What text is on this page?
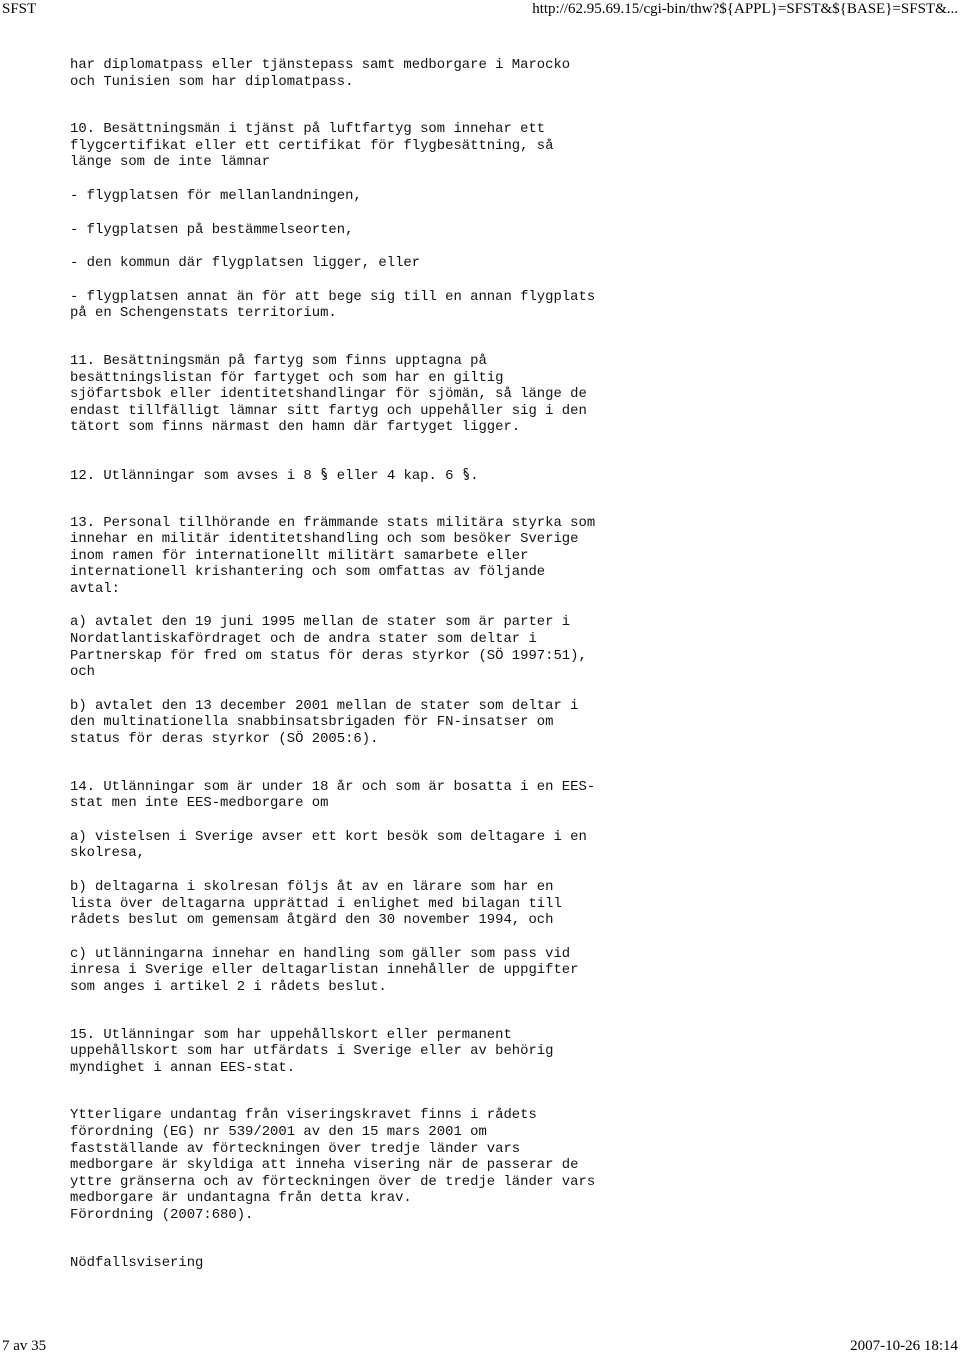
SFST	http://62.95.69.15/cgi-bin/thw?${APPL}=SFST&${BASE}=SFST&...
har diplomatpass eller tjänstepass samt medborgare i Marocko
och Tunisien som har diplomatpass.
10. Besättningsmän i tjänst på luftfartyg som innehar ett
flygcertifikat eller ett certifikat för flygbesättning, så
länge som de inte lämnar
- flygplatsen för mellanlandningen,
- flygplatsen på bestämmelseorten,
- den kommun där flygplatsen ligger, eller
- flygplatsen annat än för att bege sig till en annan flygplats
på en Schengenstats territorium.
11. Besättningsmän på fartyg som finns upptagna på
besättningslistan för fartyget och som har en giltig
sjöfartsbok eller identitetshandlingar för sjömän, så länge de
endast tillfälligt lämnar sitt fartyg och uppehåller sig i den
tätort som finns närmast den hamn där fartyget ligger.
12. Utlänningar som avses i 8  eller 4 kap. 6 .
13. Personal tillhörande en främmande stats militära styrka som
innehar en militär identitetshandling och som besöker Sverige
inom ramen för internationellt militärt samarbete eller
internationell krishantering och som omfattas av följande
avtal:
a) avtalet den 19 juni 1995 mellan de stater som är parter i
Nordatlantiskafördraget och de andra stater som deltar i
Partnerskap för fred om status för deras styrkor (SÖ 1997:51),
och
b) avtalet den 13 december 2001 mellan de stater som deltar i
den multinationella snabbinsatsbrigaden för FN-insatser om
status för deras styrkor (SÖ 2005:6).
14. Utlänningar som är under 18 år och som är bosatta i en EES-
stat men inte EES-medborgare om
a) vistelsen i Sverige avser ett kort besök som deltagare i en
skolresa,
b) deltagarna i skolresan följs åt av en lärare som har en
lista över deltagarna upprättad i enlighet med bilagan till
rådets beslut om gemensam åtgärd den 30 november 1994, och
c) utlänningarna innehar en handling som gäller som pass vid
inresa i Sverige eller deltagarlistan innehåller de uppgifter
som anges i artikel 2 i rådets beslut.
15. Utlänningar som har uppehållskort eller permanent
uppehållskort som har utfärdats i Sverige eller av behörig
myndighet i annan EES-stat.
Ytterligare undantag från viseringskravet finns i rådets
förordning (EG) nr 539/2001 av den 15 mars 2001 om
fastställande av förteckningen över tredje länder vars
medborgare är skyldiga att inneha visering när de passerar de
yttre gränserna och av förteckningen över de tredje länder vars
medborgare är undantagna från detta krav.
Förordning (2007:680).
Nödfallsvisering
7 av 35	2007-10-26 18:14
